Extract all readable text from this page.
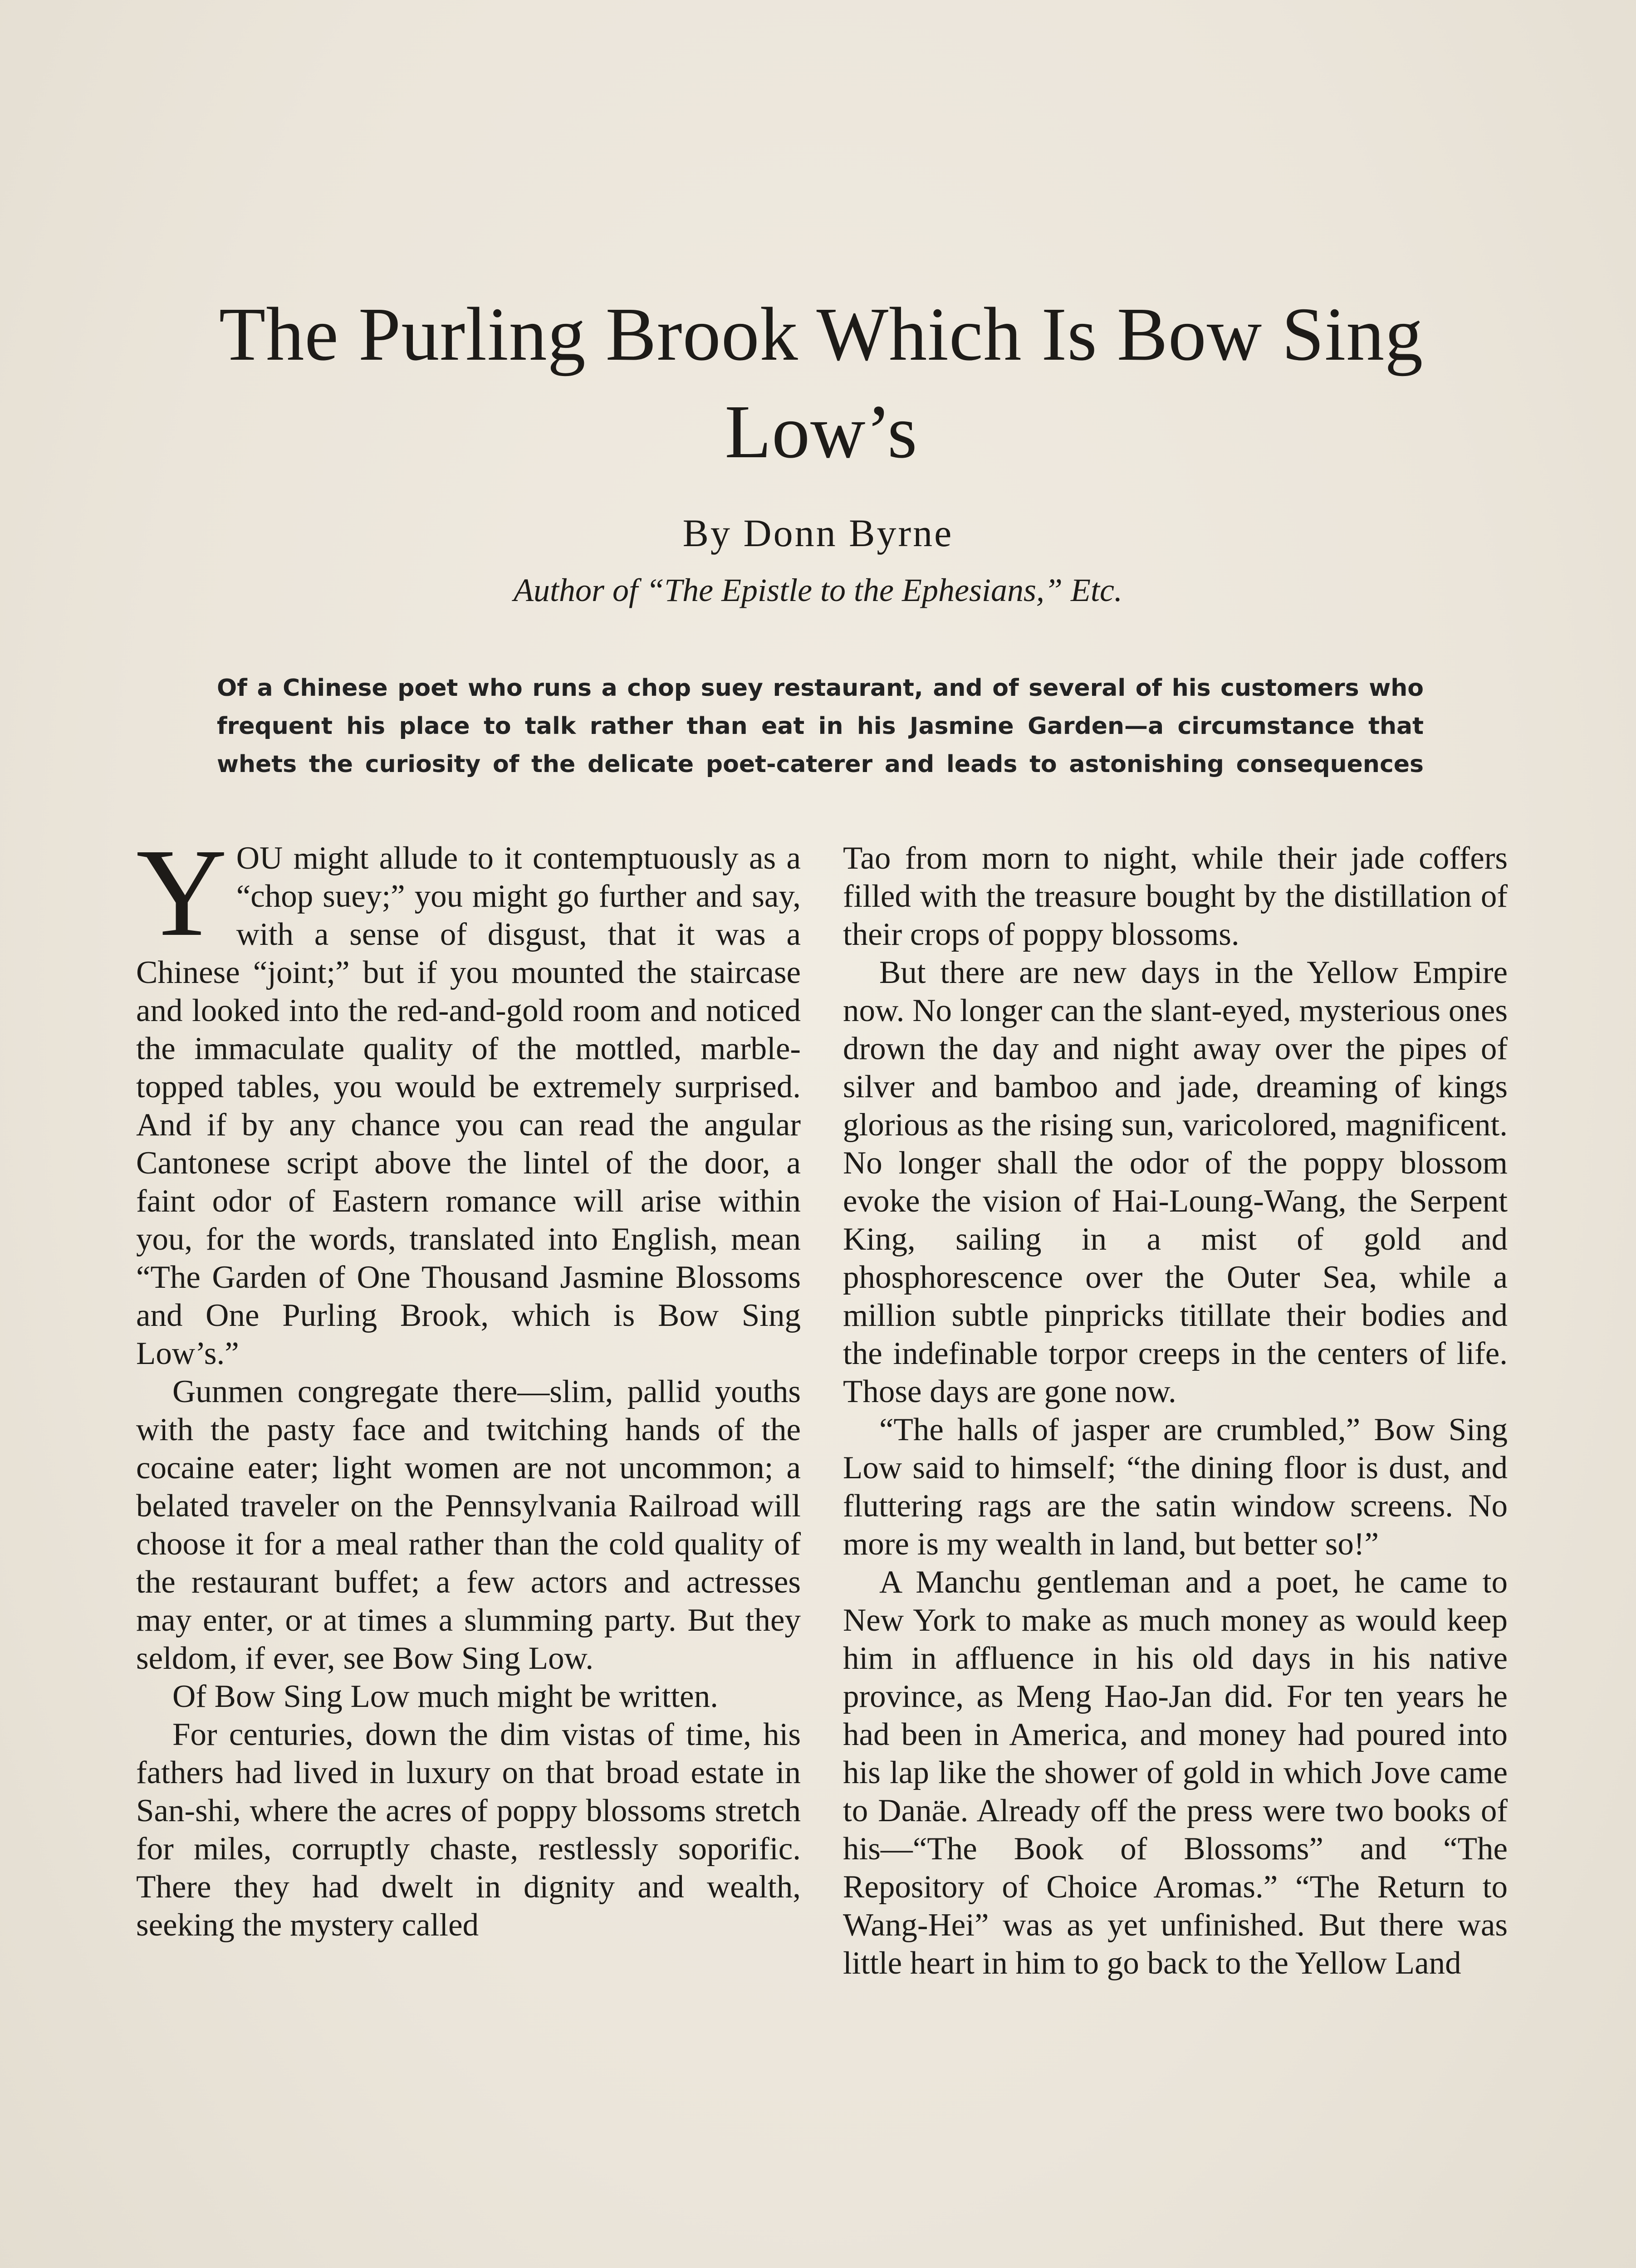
The Purling Brook Which Is Bow Sing Low’s
By Donn Byrne
Author of “The Epistle to the Ephesians,” Etc.
Of a Chinese poet who runs a chop suey restaurant, and of several of his customers who frequent his place to talk rather than eat in his Jasmine Garden—a circumstance that whets the curiosity of the delicate poet-caterer and leads to astonishing consequences

YOU might allude to it contemptuously as a “chop suey;” you might go further and say, with a sense of disgust, that it was a Chinese “joint;” but if you mounted the staircase and looked into the red-and-gold room and noticed the immaculate quality of the mottled, marble-topped tables, you would be extremely surprised. And if by any chance you can read the angular Cantonese script above the lintel of the door, a faint odor of Eastern romance will arise within you, for the words, translated into English, mean “The Garden of One Thousand Jasmine Blossoms and One Purling Brook, which is Bow Sing Low’s.”

Gunmen congregate there—slim, pallid youths with the pasty face and twitching hands of the cocaine eater; light women are not uncommon; a belated traveler on the Pennsylvania Railroad will choose it for a meal rather than the cold quality of the restaurant buffet; a few actors and actresses may enter, or at times a slumming party. But they seldom, if ever, see Bow Sing Low.

Of Bow Sing Low much might be written.

For centuries, down the dim vistas of time, his fathers had lived in luxury on that broad estate in San-shi, where the acres of poppy blossoms stretch for miles, corruptly chaste, restlessly soporific. There they had dwelt in dignity and wealth, seeking the mystery called

Tao from morn to night, while their jade coffers filled with the treasure bought by the distillation of their crops of poppy blossoms.

But there are new days in the Yellow Empire now. No longer can the slant-eyed, mysterious ones drown the day and night away over the pipes of silver and bamboo and jade, dreaming of kings glorious as the rising sun, varicolored, magnificent. No longer shall the odor of the poppy blossom evoke the vision of Hai-Loung-Wang, the Serpent King, sailing in a mist of gold and phosphorescence over the Outer Sea, while a million subtle pinpricks titillate their bodies and the indefinable torpor creeps in the centers of life. Those days are gone now.

“The halls of jasper are crumbled,” Bow Sing Low said to himself; “the dining floor is dust, and fluttering rags are the satin window screens. No more is my wealth in land, but better so!”

A Manchu gentleman and a poet, he came to New York to make as much money as would keep him in affluence in his old days in his native province, as Meng Hao-Jan did. For ten years he had been in America, and money had poured into his lap like the shower of gold in which Jove came to Danäe. Already off the press were two books of his—“The Book of Blossoms” and “The Repository of Choice Aromas.” “The Return to Wang-Hei” was as yet unfinished. But there was little heart in him to go back to the Yellow Land
